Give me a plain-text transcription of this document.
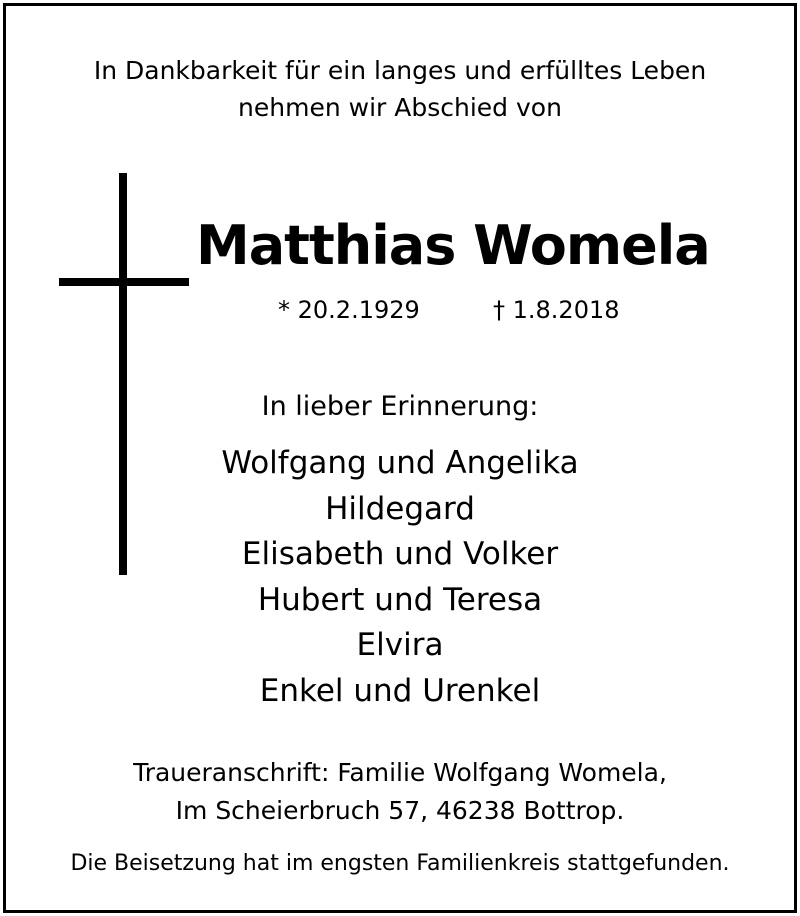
In Dankbarkeit für ein langes und erfülltes Leben
nehmen wir Abschied von
Matthias Womela
* 20.2.1929	† 1.8.2018
In lieber Erinnerung:
Wolfgang und Angelika
Hildegard
Elisabeth und Volker
Hubert und Teresa
Elvira
Enkel und Urenkel
Traueranschrift: Familie Wolfgang Womela,
Im Scheierbruch 57, 46238 Bottrop.
Die Beisetzung hat im engsten Familienkreis stattgefunden.
